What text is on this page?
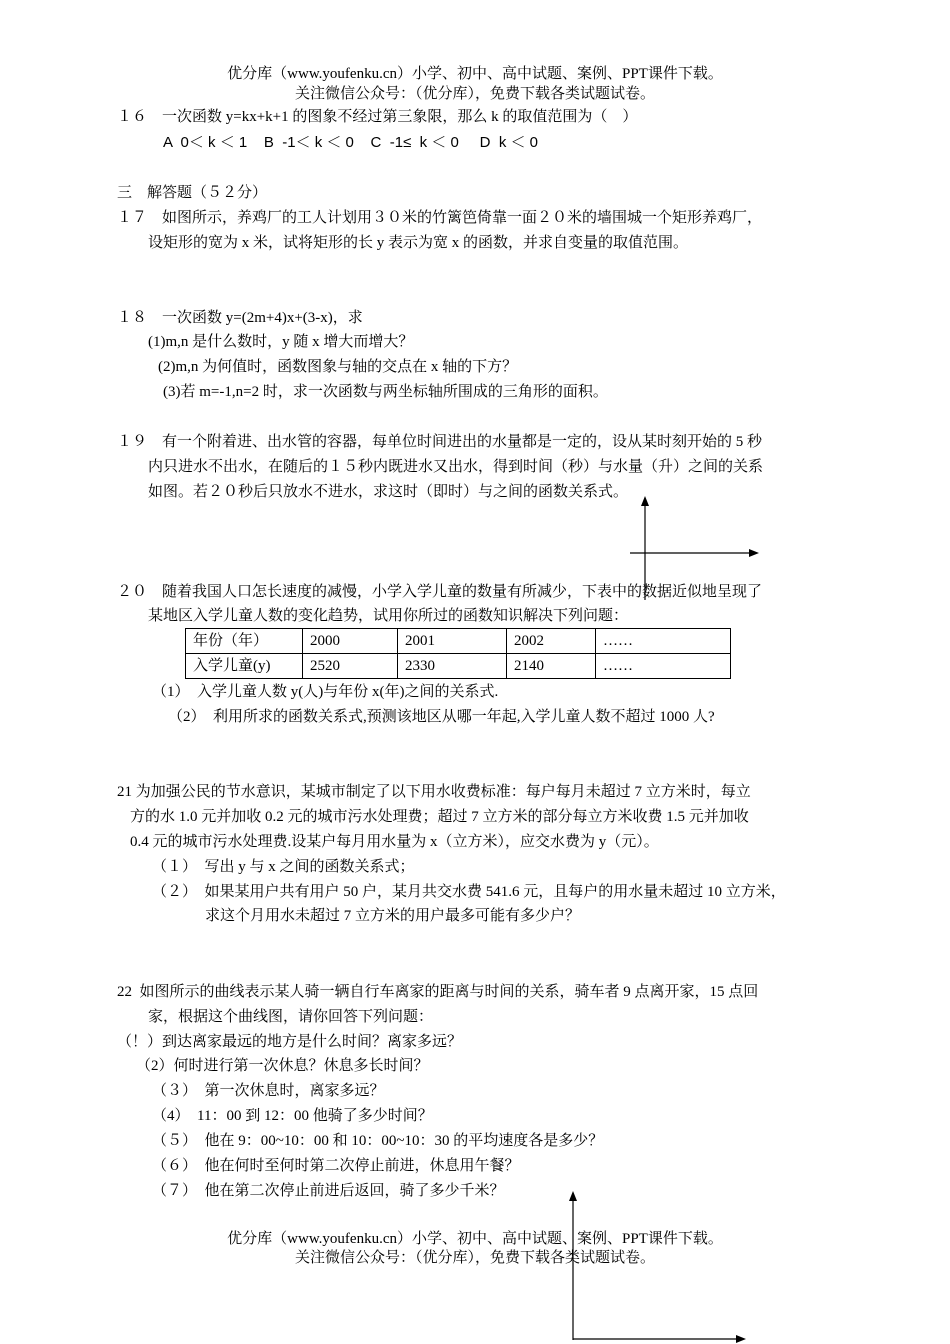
优分库（www.youfenku.cn）小学、初中、高中试题、案例、PPT课件下载。
关注微信公众号：（优分库），免费下载各类试题试卷。
１６　一次函数 y=kx+k+1 的图象不经过第三象限，那么 k 的取值范围为（　）
A  0＜ k ＜ 1    B  -1＜ k ＜ 0    C  -1≤  k ＜ 0     D  k ＜ 0
三　解答题（５２分）
１７　如图所示，养鸡厂的工人计划用３０米的竹篱笆倚靠一面２０米的墙围城一个矩形养鸡厂，
设矩形的宽为 x 米，试将矩形的长 y 表示为宽 x 的函数，并求自变量的取值范围。
１８　一次函数 y=(2m+4)x+(3-x)，求
(1)m,n 是什么数时，y 随 x 增大而增大？
(2)m,n 为何值时，函数图象与轴的交点在 x 轴的下方？
(3)若 m=-1,n=2 时，求一次函数与两坐标轴所围成的三角形的面积。
１９　有一个附着进、出水管的容器，每单位时间进出的水量都是一定的，设从某时刻开始的 5 秒
内只进水不出水，在随后的１５秒内既进水又出水，得到时间（秒）与水量（升）之间的关系
如图。若２０秒后只放水不进水，求这时（即时）与之间的函数关系式。
２０　随着我国人口怎长速度的减慢，小学入学儿童的数量有所减少，下表中的数据近似地呈现了
某地区入学儿童人数的变化趋势，试用你所过的函数知识解决下列问题：
年份（年）	2000	2001	2002	……
入学儿童(y)	2520	2330	2140	……
（1）　入学儿童人数 y(人)与年份 x(年)之间的关系式.
（2）　利用所求的函数关系式,预测该地区从哪一年起,入学儿童人数不超过 1000 人?
21 为加强公民的节水意识，某城市制定了以下用水收费标准：每户每月未超过 7 立方米时，每立
方的水 1.0 元并加收 0.2 元的城市污水处理费；超过 7 立方米的部分每立方米收费 1.5 元并加收
0.4 元的城市污水处理费.设某户每月用水量为 x（立方米），应交水费为 y（元）。
（１）　写出 y 与 x 之间的函数关系式；
（２）　如果某用户共有用户 50 户，某月共交水费 541.6 元，且每户的用水量未超过 10 立方米，
求这个月用水未超过 7 立方米的用户最多可能有多少户？
22  如图所示的曲线表示某人骑一辆自行车离家的距离与时间的关系，骑车者 9 点离开家，15 点回
家，根据这个曲线图，请你回答下列问题：
（！）到达离家最远的地方是什么时间？离家多远？
（2）何时进行第一次休息？休息多长时间？
（３）　第一次休息时，离家多远？
（4）　11：00 到 12：00 他骑了多少时间？
（５）　他在 9：00~10：00 和 10：00~10：30 的平均速度各是多少？
（６）　他在何时至何时第二次停止前进，休息用午餐？
（７）　他在第二次停止前进后返回，骑了多少千米？
优分库（www.youfenku.cn）小学、初中、高中试题、案例、PPT课件下载。
关注微信公众号：（优分库），免费下载各类试题试卷。
